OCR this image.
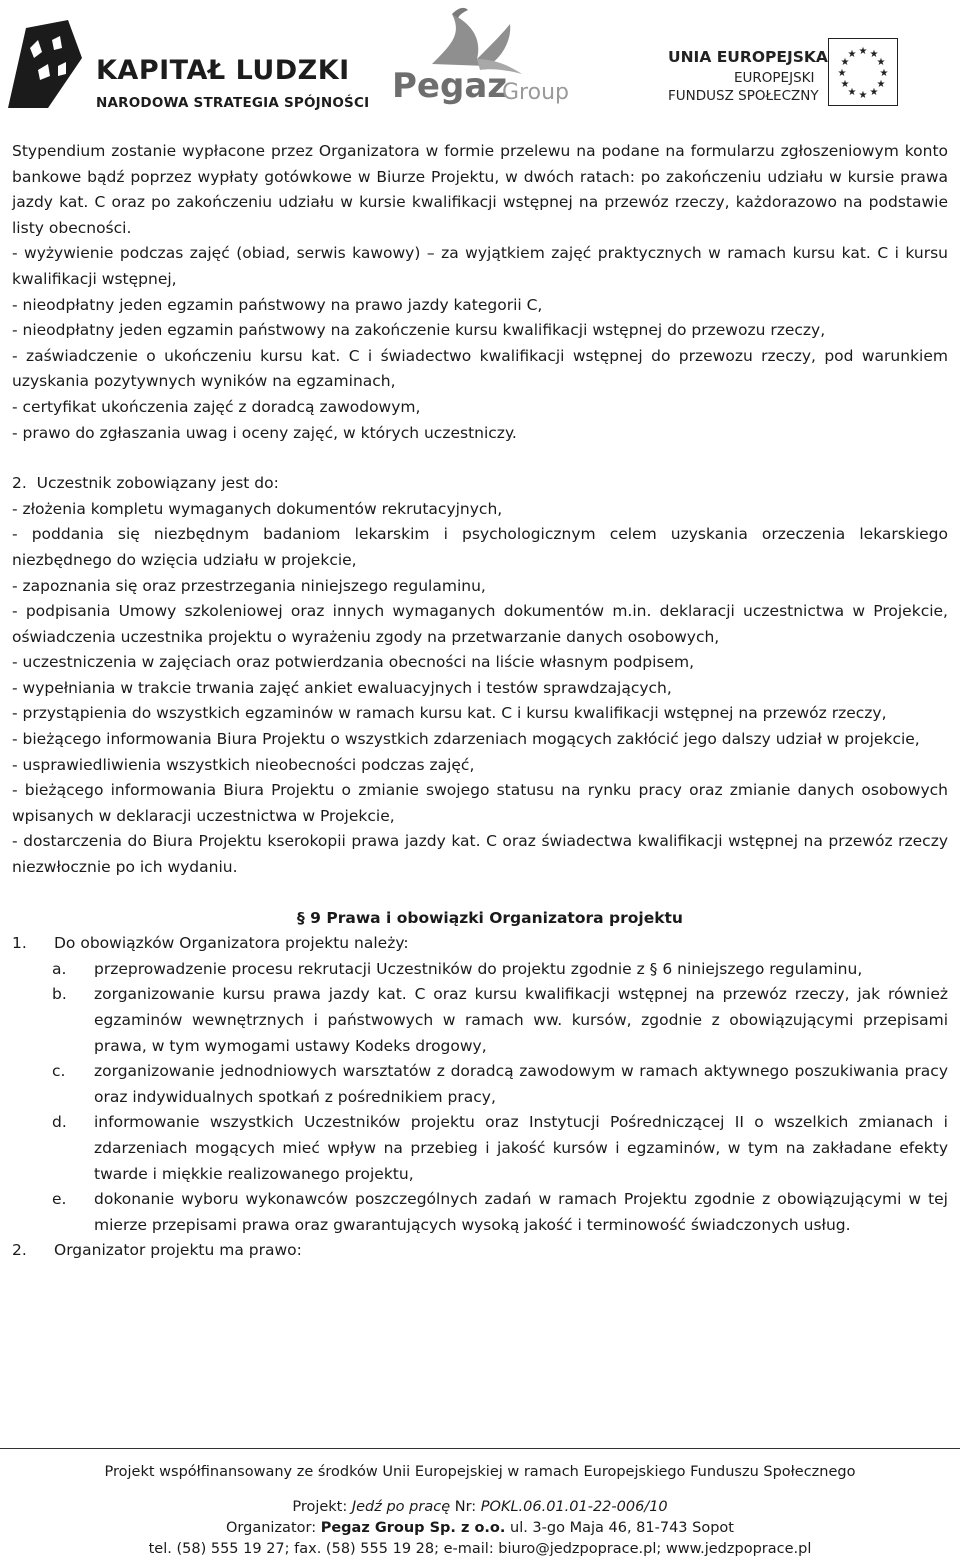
KAPITAŁ LUDZKI
NARODOWA STRATEGIA SPÓJNOŚCI Pegaz
Group
UNIA EUROPEJSKA
EUROPEJSKI
FUNDUSZ SPOŁECZNY
★ ★
★
★
★
★
★
★
★
★
★
★

Stypendium zostanie wypłacone przez Organizatora w formie przelewu na podane na formularzu zgłoszeniowym konto bankowe bądź poprzez wypłaty gotówkowe w Biurze Projektu, w dwóch ratach: po zakończeniu udziału w kursie prawa jazdy kat. C oraz po zakończeniu udziału w kursie kwalifikacji wstępnej na przewóz rzeczy, każdorazowo na podstawie listy obecności.

- wyżywienie podczas zajęć (obiad, serwis kawowy) – za wyjątkiem zajęć praktycznych w ramach kursu kat. C i kursu kwalifikacji wstępnej,

- nieodpłatny jeden egzamin państwowy na prawo jazdy kategorii C,

- nieodpłatny jeden egzamin państwowy na zakończenie kursu kwalifikacji wstępnej do przewozu rzeczy,

- zaświadczenie o ukończeniu kursu kat. C i świadectwo kwalifikacji wstępnej do przewozu rzeczy, pod warunkiem uzyskania pozytywnych wyników na egzaminach,

- certyfikat ukończenia zajęć z doradcą zawodowym,

- prawo do zgłaszania uwag i oceny zajęć, w których uczestniczy.

2. Uczestnik zobowiązany jest do:

- złożenia kompletu wymaganych dokumentów rekrutacyjnych,

- poddania się niezbędnym badaniom lekarskim i psychologicznym celem uzyskania orzeczenia lekarskiego niezbędnego do wzięcia udziału w projekcie,

- zapoznania się oraz przestrzegania niniejszego regulaminu,

- podpisania Umowy szkoleniowej oraz innych wymaganych dokumentów m.in. deklaracji uczestnictwa w Projekcie, oświadczenia uczestnika projektu o wyrażeniu zgody na przetwarzanie danych osobowych,

- uczestniczenia w zajęciach oraz potwierdzania obecności na liście własnym podpisem,

- wypełniania w trakcie trwania zajęć ankiet ewaluacyjnych i testów sprawdzających,

- przystąpienia do wszystkich egzaminów w ramach kursu kat. C i kursu kwalifikacji wstępnej na przewóz rzeczy,

- bieżącego informowania Biura Projektu o wszystkich zdarzeniach mogących zakłócić jego dalszy udział w projekcie,

- usprawiedliwienia wszystkich nieobecności podczas zajęć,

- bieżącego informowania Biura Projektu o zmianie swojego statusu na rynku pracy oraz zmianie danych osobowych wpisanych w deklaracji uczestnictwa w Projekcie,

- dostarczenia do Biura Projektu kserokopii prawa jazdy kat. C oraz świadectwa kwalifikacji wstępnej na przewóz rzeczy niezwłocznie po ich wydaniu.

§ 9 Prawa i obowiązki Organizatora projektu

1. Do obowiązków Organizatora projektu należy:
a. przeprowadzenie procesu rekrutacji Uczestników do projektu zgodnie z § 6 niniejszego regulaminu,
b. zorganizowanie kursu prawa jazdy kat. C oraz kursu kwalifikacji wstępnej na przewóz rzeczy, jak również egzaminów wewnętrznych i państwowych w ramach ww. kursów, zgodnie z obowiązującymi przepisami prawa, w tym wymogami ustawy Kodeks drogowy,
c. zorganizowanie jednodniowych warsztatów z doradcą zawodowym w ramach aktywnego poszukiwania pracy oraz indywidualnych spotkań z pośrednikiem pracy,
d. informowanie wszystkich Uczestników projektu oraz Instytucji Pośredniczącej II o wszelkich zmianach i zdarzeniach mogących mieć wpływ na przebieg i jakość kursów i egzaminów, w tym na zakładane efekty twarde i miękkie realizowanego projektu,
e. dokonanie wyboru wykonawców poszczególnych zadań w ramach Projektu zgodnie z obowiązującymi w tej mierze przepisami prawa oraz gwarantujących wysoką jakość i terminowość świadczonych usług.
2. Organizator projektu ma prawo:

Projekt współfinansowany ze środków Unii Europejskiej w ramach Europejskiego Funduszu Społecznego

Projekt: Jedź po pracę Nr: POKL.06.01.01-22-006/10

Organizator: Pegaz Group Sp. z o.o. ul. 3-go Maja 46, 81-743 Sopot

tel. (58) 555 19 27; fax. (58) 555 19 28; e-mail: biuro@jedzpoprace.pl; www.jedzpoprace.pl
